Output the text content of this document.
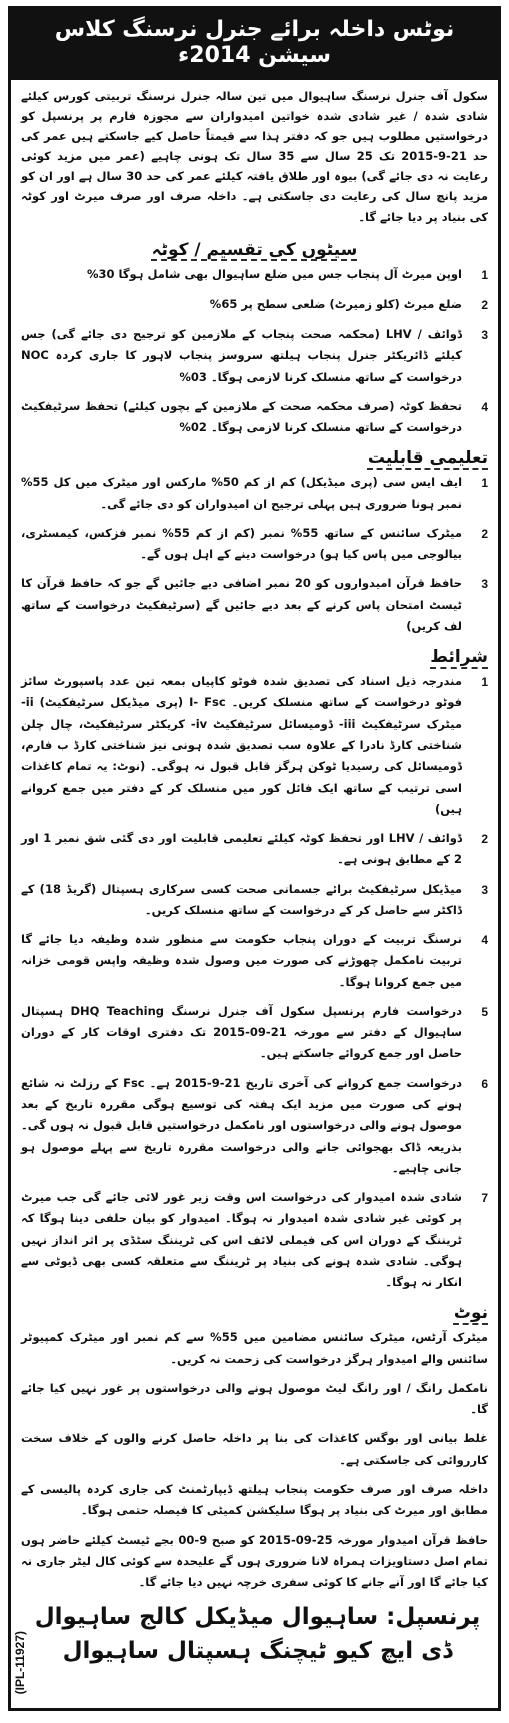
نوٹس داخلہ برائے جنرل نرسنگ کلاس سیشن 2014ء
سکول آف جنرل نرسنگ ساہیوال میں تین سالہ جنرل نرسنگ تربیتی کورس کیلئے شادی شدہ / غیر شادی شدہ خواتین امیدواران سے مجوزہ فارم پر پرنسپل کو درخواستیں مطلوب ہیں جو کہ دفتر ہذا سے قیمتاً حاصل کیے جاسکتے ہیں عمر کی حد 21-9-2015 تک 25 سال سے 35 سال تک ہونی چاہیے (عمر میں مزید کوئی رعایت نہ دی جائے گی) بیوہ اور طلاق یافتہ کیلئے عمر کی حد 30 سال ہے اور ان کو مزید پانچ سال کی رعایت دی جاسکتی ہے۔ داخلہ صرف اور صرف میرٹ اور کوٹہ کی بنیاد پر دیا جائے گا۔
سیٹوں کی تقسیم / کوٹہ
1
اوپن میرٹ آل پنجاب جس میں ضلع ساہیوال بھی شامل ہوگا 30%
2
ضلع میرٹ (کلو زمیرٹ) ضلعی سطح پر 65%
3
ڈوائف / LHV (محکمہ صحت پنجاب کے ملازمین کو ترجیح دی جائے گی) جس کیلئے ڈائریکٹر جنرل پنجاب ہیلتھ سروسز پنجاب لاہور کا جاری کردہ NOC درخواست کے ساتھ منسلک کرنا لازمی ہوگا۔ 03%
4
تحفظ کوٹہ (صرف محکمہ صحت کے ملازمین کے بچوں کیلئے) تحفظ سرٹیفکیٹ درخواست کے ساتھ منسلک کرنا لازمی ہوگا۔ 02%
تعلیمی قابلیت
1
ایف ایس سی (پری میڈیکل) کم از کم 50% مارکس اور میٹرک میں کل 55% نمبر ہونا ضروری ہیں پہلی ترجیح ان امیدواران کو دی جائے گی۔
2
میٹرک سائنس کے ساتھ 55% نمبر (کم از کم 55% نمبر فزکس، کیمسٹری، بیالوجی میں پاس کیا ہو) درخواست دینے کے اہل ہوں گے۔
3
حافظ قرآن امیدواروں کو 20 نمبر اضافی دیے جائیں گے جو کہ حافظ قرآن کا ٹیسٹ امتحان پاس کرنے کے بعد دیے جائیں گے (سرٹیفکیٹ درخواست کے ساتھ لف کریں)
شرائط
1
مندرجہ ذیل اسناد کی تصدیق شدہ فوٹو کاپیاں بمعہ تین عدد پاسپورٹ سائز فوٹو درخواست کے ساتھ منسلک کریں۔ I- Fsc (پری میڈیکل سرٹیفکیٹ) ii- میٹرک سرٹیفکیٹ iii- ڈومیسائل سرٹیفکیٹ iv- کریکٹر سرٹیفکیٹ، چال چلن شناختی کارڈ نادرا کے علاوہ سب تصدیق شدہ ہونی نیز شناختی کارڈ ب فارم، ڈومیسائل کی رسیدیا ٹوکن ہرگز قابل قبول نہ ہوگی۔ (نوٹ: یہ تمام کاغذات اسی ترتیب کے ساتھ ایک فائل کور میں منسلک کر کے دفتر میں جمع کروانے ہیں)
2
ڈوائف / LHV اور تحفظ کوٹہ کیلئے تعلیمی قابلیت اور دی گئی شق نمبر 1 اور 2 کے مطابق ہونی ہے۔
3
میڈیکل سرٹیفکیٹ برائے جسمانی صحت کسی سرکاری ہسپتال (گریڈ 18) کے ڈاکٹر سے حاصل کر کے درخواست کے ساتھ منسلک کریں۔
4
نرسنگ تربیت کے دوران پنجاب حکومت سے منظور شدہ وظیفہ دیا جائے گا تربیت نامکمل چھوڑنے کی صورت میں وصول شدہ وظیفہ واپس قومی خزانہ میں جمع کروانا ہوگا۔
5
درخواست فارم پرنسپل سکول آف جنرل نرسنگ DHQ Teaching ہسپتال ساہیوال کے دفتر سے مورخہ 21-09-2015 تک دفتری اوقات کار کے دوران حاصل اور جمع کروائے جاسکتے ہیں۔
6
درخواست جمع کروانے کی آخری تاریخ 21-9-2015 ہے۔ Fsc کے رزلٹ نہ شائع ہونے کی صورت میں مزید ایک ہفتہ کی توسیع ہوگی مقررہ تاریخ کے بعد موصول ہونے والی درخواستوں اور نامکمل درخواستیں قابل قبول نہ ہوں گی۔ بذریعہ ڈاک بھجوائی جانے والی درخواست مقررہ تاریخ سے پہلے موصول ہو جانی چاہیے۔
7
شادی شدہ امیدوار کی درخواست اس وقت زیر غور لائی جائے گی جب میرٹ پر کوئی غیر شادی شدہ امیدوار نہ ہوگا۔ امیدوار کو بیان حلفی دینا ہوگا کہ ٹریننگ کے دوران اس کی فیملی لائف اس کی ٹریننگ سٹڈی پر اثر انداز نہیں ہوگی۔ شادی شدہ ہونے کی بنیاد پر ٹریننگ سے متعلقہ کسی بھی ڈیوٹی سے انکار نہ ہوگا۔
نوٹ
میٹرک آرٹس، میٹرک سائنس مضامین میں 55% سے کم نمبر اور میٹرک کمپیوٹر سائنس والے امیدوار ہرگز درخواست کی زحمت نہ کریں۔
نامکمل رانگ / اور رانگ لیٹ موصول ہونے والی درخواستوں پر غور نہیں کیا جائے گا۔
غلط بیانی اور بوگس کاغذات کی بنا پر داخلہ حاصل کرنے والوں کے خلاف سخت کارروائی کی جاسکتی ہے۔
داخلہ صرف اور صرف حکومت پنجاب ہیلتھ ڈیپارٹمنٹ کی جاری کردہ پالیسی کے مطابق اور میرٹ کی بنیاد پر ہوگا سلیکشن کمیٹی کا فیصلہ حتمی ہوگا۔
حافظ قرآن امیدوار مورخہ 25-09-2015 کو صبح 9-00 بجے ٹیسٹ کیلئے حاضر ہوں تمام اصل دستاویزات ہمراہ لانا ضروری ہوں گے علیحدہ سے کوئی کال لیٹر جاری نہ کیا جائے گا اور آنے جانے کا کوئی سفری خرچہ نہیں دیا جائے گا۔
پرنسپل: ساہیوال میڈیکل کالج ساہیوال
ڈی ایچ کیو ٹیچنگ ہسپتال ساہیوال
(IPL-11927)
